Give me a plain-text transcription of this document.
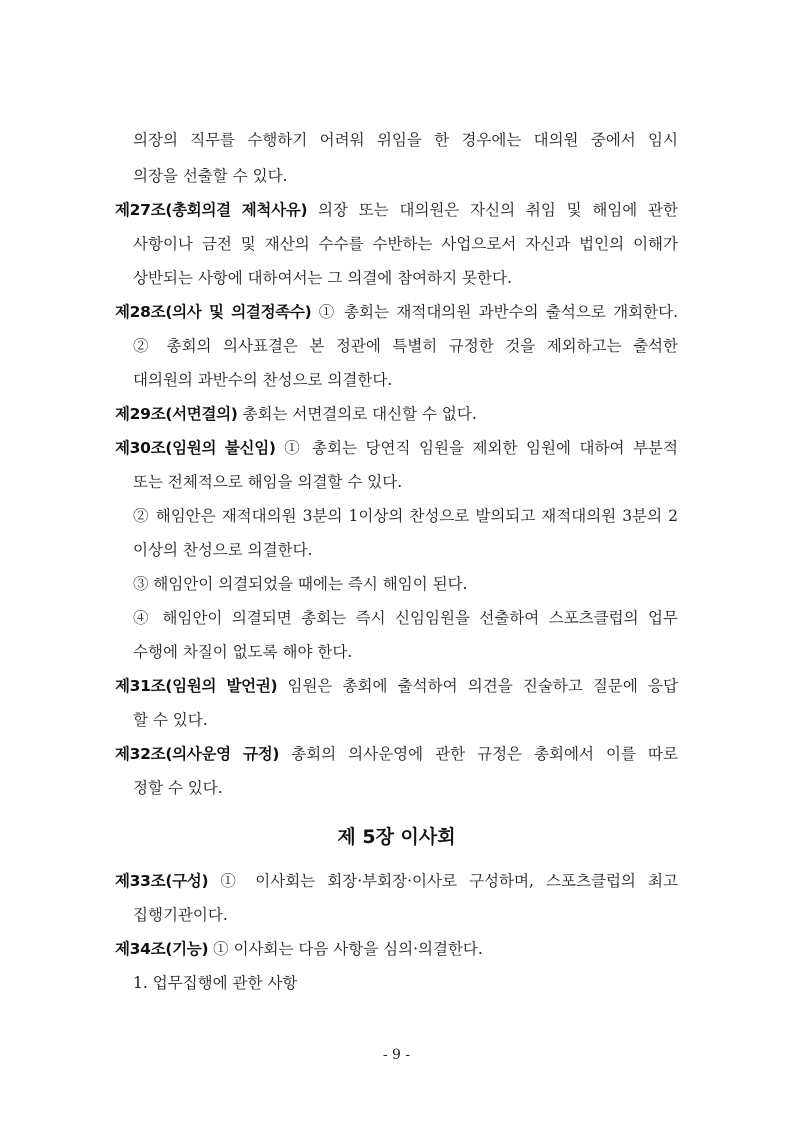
의장의 직무를 수행하기 어려워 위임을 한 경우에는 대의원 중에서 임시
의장을 선출할 수 있다.
제27조(총회의결 제척사유) 의장 또는 대의원은 자신의 취임 및 해임에 관한
사항이나 금전 및 재산의 수수를 수반하는 사업으로서 자신과 법인의 이해가
상반되는 사항에 대하여서는 그 의결에 참여하지 못한다.
제28조(의사 및 의결정족수) ① 총회는 재적대의원 과반수의 출석으로 개회한다.
② 총회의 의사표결은 본 정관에 특별히 규정한 것을 제외하고는 출석한
대의원의 과반수의 찬성으로 의결한다.
제29조(서면결의) 총회는 서면결의로 대신할 수 없다.
제30조(임원의 불신임) ① 총회는 당연직 임원을 제외한 임원에 대하여 부분적
또는 전체적으로 해임을 의결할 수 있다.
② 해임안은 재적대의원 3분의 1이상의 찬성으로 발의되고 재적대의원 3분의 2
이상의 찬성으로 의결한다.
③ 해임안이 의결되었을 때에는 즉시 해임이 된다.
④ 해임안이 의결되면 총회는 즉시 신임임원을 선출하여 스포츠클럽의 업무
수행에 차질이 없도록 해야 한다.
제31조(임원의 발언권) 임원은 총회에 출석하여 의견을 진술하고 질문에 응답
할 수 있다.
제32조(의사운영 규정) 총회의 의사운영에 관한 규정은 총회에서 이를 따로
정할 수 있다.
제 5장 이사회
제33조(구성) ① 이사회는 회장·부회장·이사로 구성하며, 스포츠클럽의 최고
집행기관이다.
제34조(기능) ① 이사회는 다음 사항을 심의·의결한다.
1. 업무집행에 관한 사항
- 9 -
